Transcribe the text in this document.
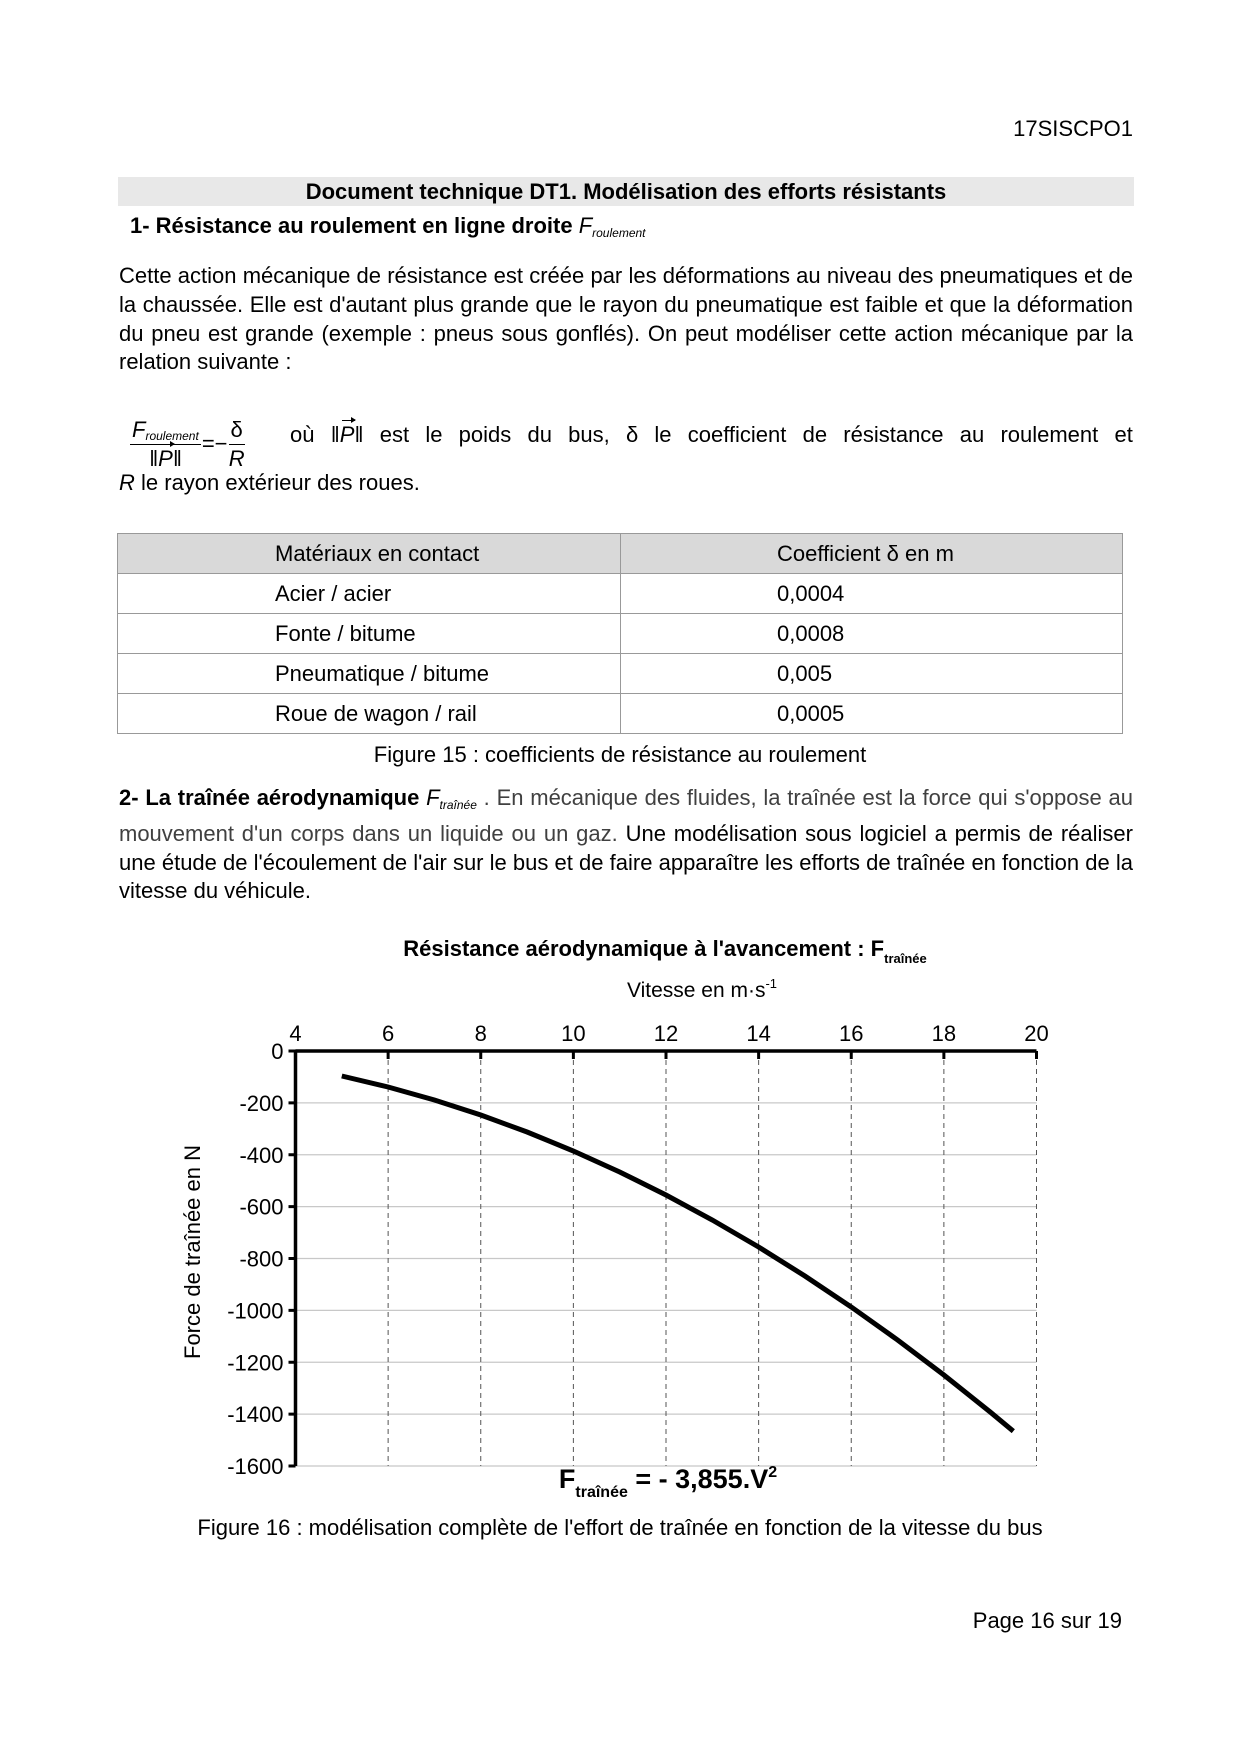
17SISCPO1
Document technique DT1. Modélisation des efforts résistants
1- Résistance au roulement en ligne droite Froulement
Cette action mécanique de résistance est créée par les déformations au niveau des pneumatiques et de la chaussée. Elle est d'autant plus grande que le rayon du pneumatique est faible et que la déformation du pneu est grande (exemple : pneus sous gonflés). On peut modéliser cette action mécanique par la relation suivante :
$\frac{\text{Froulement}}{‖P‖} =- \frac{\delta}{R}$ où ‖P‖ est le poids du bus, δ le coefficient de résistance au roulement et
R le rayon extérieur des roues.
Matériaux en contact	Coefficient δ en m
Acier / acier	0,0004
Fonte / bitume	0,0008
Pneumatique / bitume	0,005
Roue de wagon / rail	0,0005
Figure 15 : coefficients de résistance au roulement
2- La traînée aérodynamique Ftraînée . En mécanique des fluides, la traînée est la force qui s'oppose au mouvement d'un corps dans un liquide ou un gaz. Une modélisation sous logiciel a permis de réaliser une étude de l'écoulement de l'air sur le bus et de faire apparaître les efforts de traînée en fonction de la vitesse du véhicule.
Résistance aérodynamique à l'avancement : $F_{traînée}$
Vitesse en $m\cdot s^{-1}$
0
-200
-400
-600
-800
-1000
-1200
-1400
-1600
4	6	8	10	12	14	16	18	20
Force de traînée en N
$F_{traînée}$ = - $3,855.V^2$
Figure 16 : modélisation complète de l'effort de traînée en fonction de la vitesse du bus
Page 16 sur 19
